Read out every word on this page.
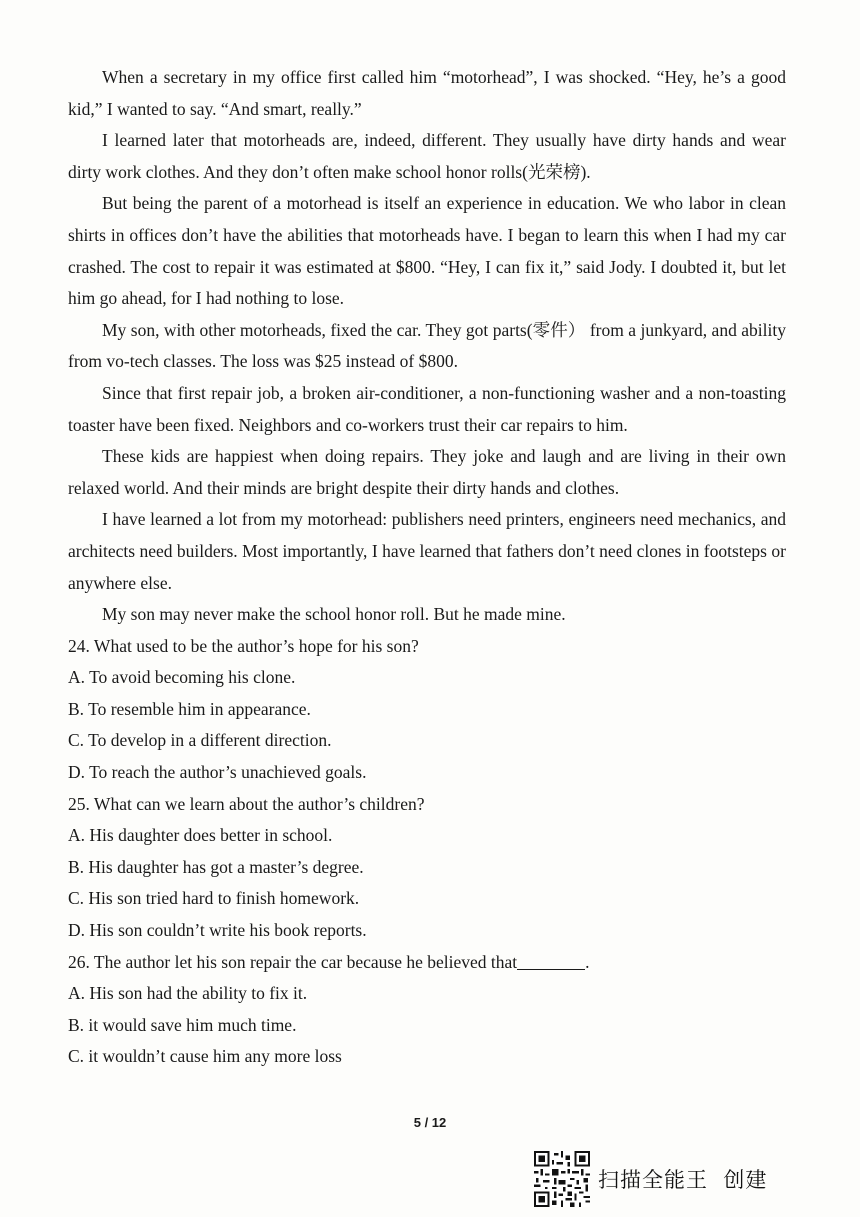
When a secretary in my office first called him “motorhead”, I was shocked. “Hey, he’s a good kid,” I wanted to say. “And smart, really.”

I learned later that motorheads are, indeed, different. They usually have dirty hands and wear dirty work clothes. And they don’t often make school honor rolls(光荣榜).

But being the parent of a motorhead is itself an experience in education. We who labor in clean shirts in offices don’t have the abilities that motorheads have. I began to learn this when I had my car crashed. The cost to repair it was estimated at $800. “Hey, I can fix it,” said Jody. I doubted it, but let him go ahead, for I had nothing to lose.

My son, with other motorheads, fixed the car. They got parts(零件） from a junkyard, and ability from vo-tech classes. The loss was $25 instead of $800.

Since that first repair job, a broken air-conditioner, a non-functioning washer and a non-toasting toaster have been fixed. Neighbors and co-workers trust their car repairs to him.

These kids are happiest when doing repairs. They joke and laugh and are living in their own relaxed world. And their minds are bright despite their dirty hands and clothes.

I have learned a lot from my motorhead: publishers need printers, engineers need mechanics, and architects need builders. Most importantly, I have learned that fathers don’t need clones in footsteps or anywhere else.

My son may never make the school honor roll. But he made mine.

24. What used to be the author’s hope for his son?

A. To avoid becoming his clone.

B. To resemble him in appearance.

C. To develop in a different direction.

D. To reach the author’s unachieved goals.

25. What can we learn about the author’s children?

A. His daughter does better in school.

B. His daughter has got a master’s degree.

C. His son tried hard to finish homework.

D. His son couldn’t write his book reports.

26. The author let his son repair the car because he believed that	.

A. His son had the ability to fix it.

B. it would save him much time.

C. it wouldn’t cause him any more loss

5 / 12
扫描全能王  创建
